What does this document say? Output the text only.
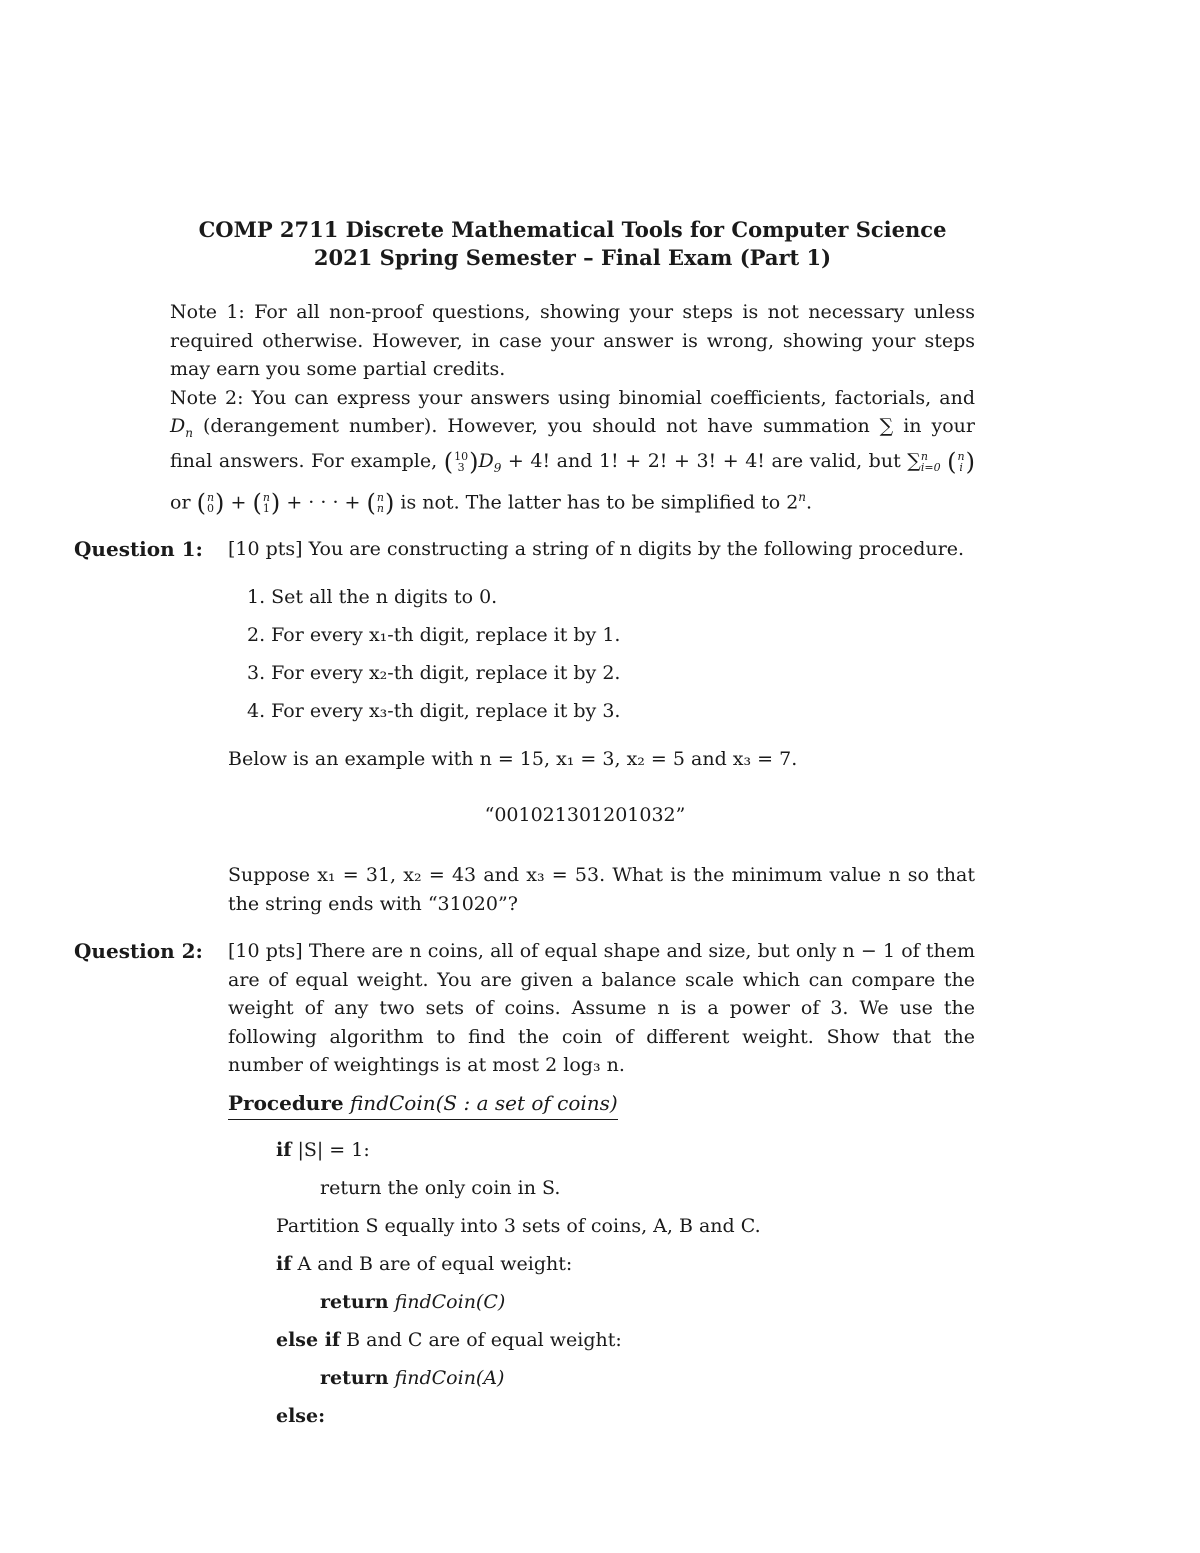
COMP 2711 Discrete Mathematical Tools for Computer Science
2021 Spring Semester – Final Exam (Part 1)

Note 1: For all non-proof questions, showing your steps is not necessary unless required otherwise. However, in case your answer is wrong, showing your steps may earn you some partial credits.

Note 2: You can express your answers using binomial coefficients, factorials, and $D_n$ (derangement number). However, you should not have summation ∑ in your final answers. For example, ( 10
3 ) $D_9 + 4$! and 1! + 2! + 3! + 4! are valid, but ∑ n
i=0
( n
i )
or ( n
0 ) + ( n
1 ) + · · · + ( n
n ) is not. The latter has to be simplified to 2$^n$.

Question 1: [10 pts] You are constructing a string of n digits by the following procedure.
1. Set all the n digits to 0.
2. For every x₁-th digit, replace it by 1.
3. For every x₂-th digit, replace it by 2.
4. For every x₃-th digit, replace it by 3.
Below is an example with n = 15, x₁ = 3, x₂ = 5 and x₃ = 7.
“001021301201032”
Suppose x₁ = 31, x₂ = 43 and x₃ = 53. What is the minimum value n so that the string ends with “31020”?
Question 2: [10 pts] There are n coins, all of equal shape and size, but only n − 1 of them are of equal weight. You are given a balance scale which can compare the weight of any two sets of coins. Assume n is a power of 3. We use the following algorithm to find the coin of different weight. Show that the number of weightings is at most 2 log₃ n.
Procedure findCoin(S : a set of coins)
if |S| = 1:
return the only coin in S.
Partition S equally into 3 sets of coins, A, B and C.
if A and B are of equal weight:
return findCoin(C)
else if B and C are of equal weight:
return findCoin(A)
else:
